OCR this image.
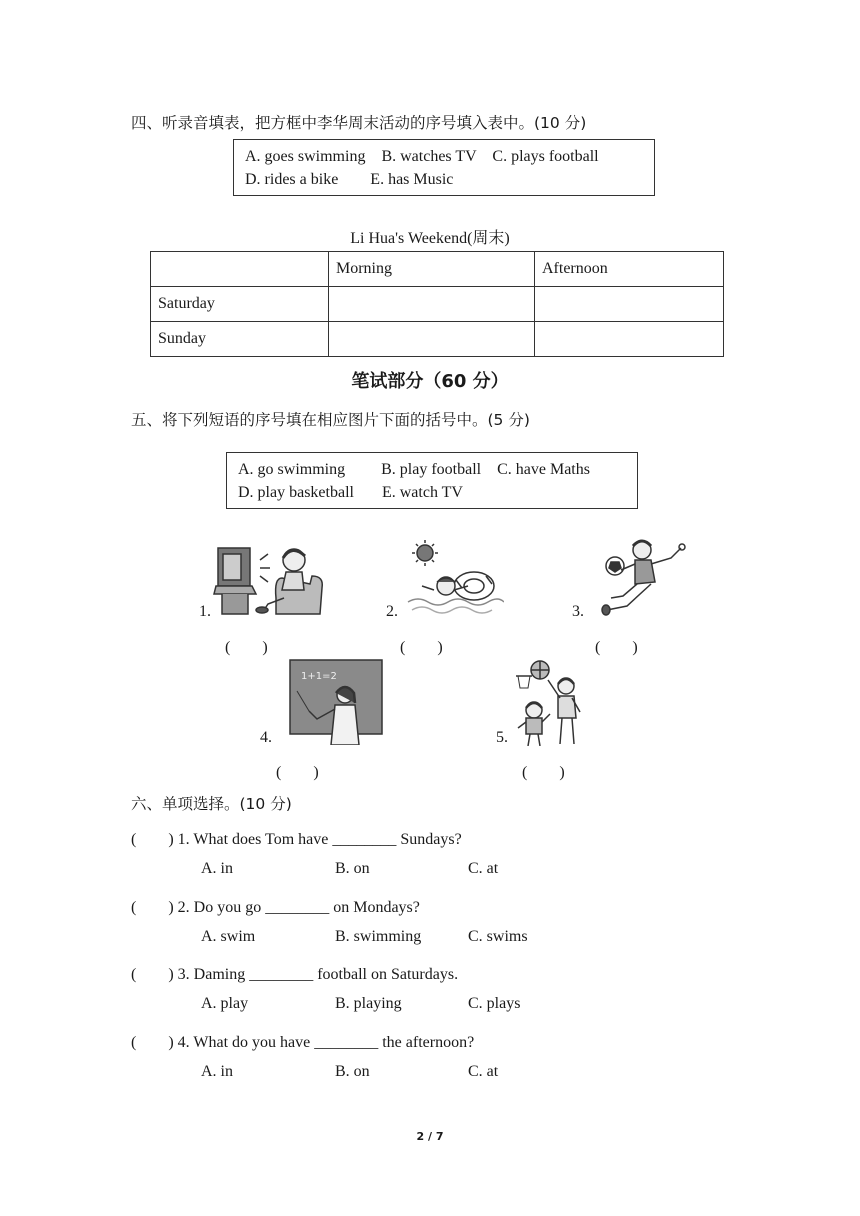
四、听录音填表，把方框中李华周末活动的序号填入表中。(10 分)
A. goes swimming    B. watches TV    C. plays football
D. rides a bike        E. has Music
Li Hua's Weekend(周末)
	Morning	Afternoon
Saturday		
Sunday		
笔试部分（60 分）
五、将下列短语的序号填在相应图片下面的括号中。(5 分)
A. go swimming         B. play football    C. have Maths
D. play basketball       E. watch TV
1.
(　　)
2.
(　　)
3.
(　　)
4.
1+1=2
(　　)
5.
(　　)
六、单项选择。(10 分)
(　　) 1. What does Tom have ________ Sundays?
A. in	B. on	C. at
(　　) 2. Do you go ________ on Mondays?
A. swim	B. swimming	C. swims
(　　) 3. Daming ________ football on Saturdays.
A. play	B. playing	C. plays
(　　) 4. What do you have ________ the afternoon?
A. in	B. on	C. at
2 / 7
